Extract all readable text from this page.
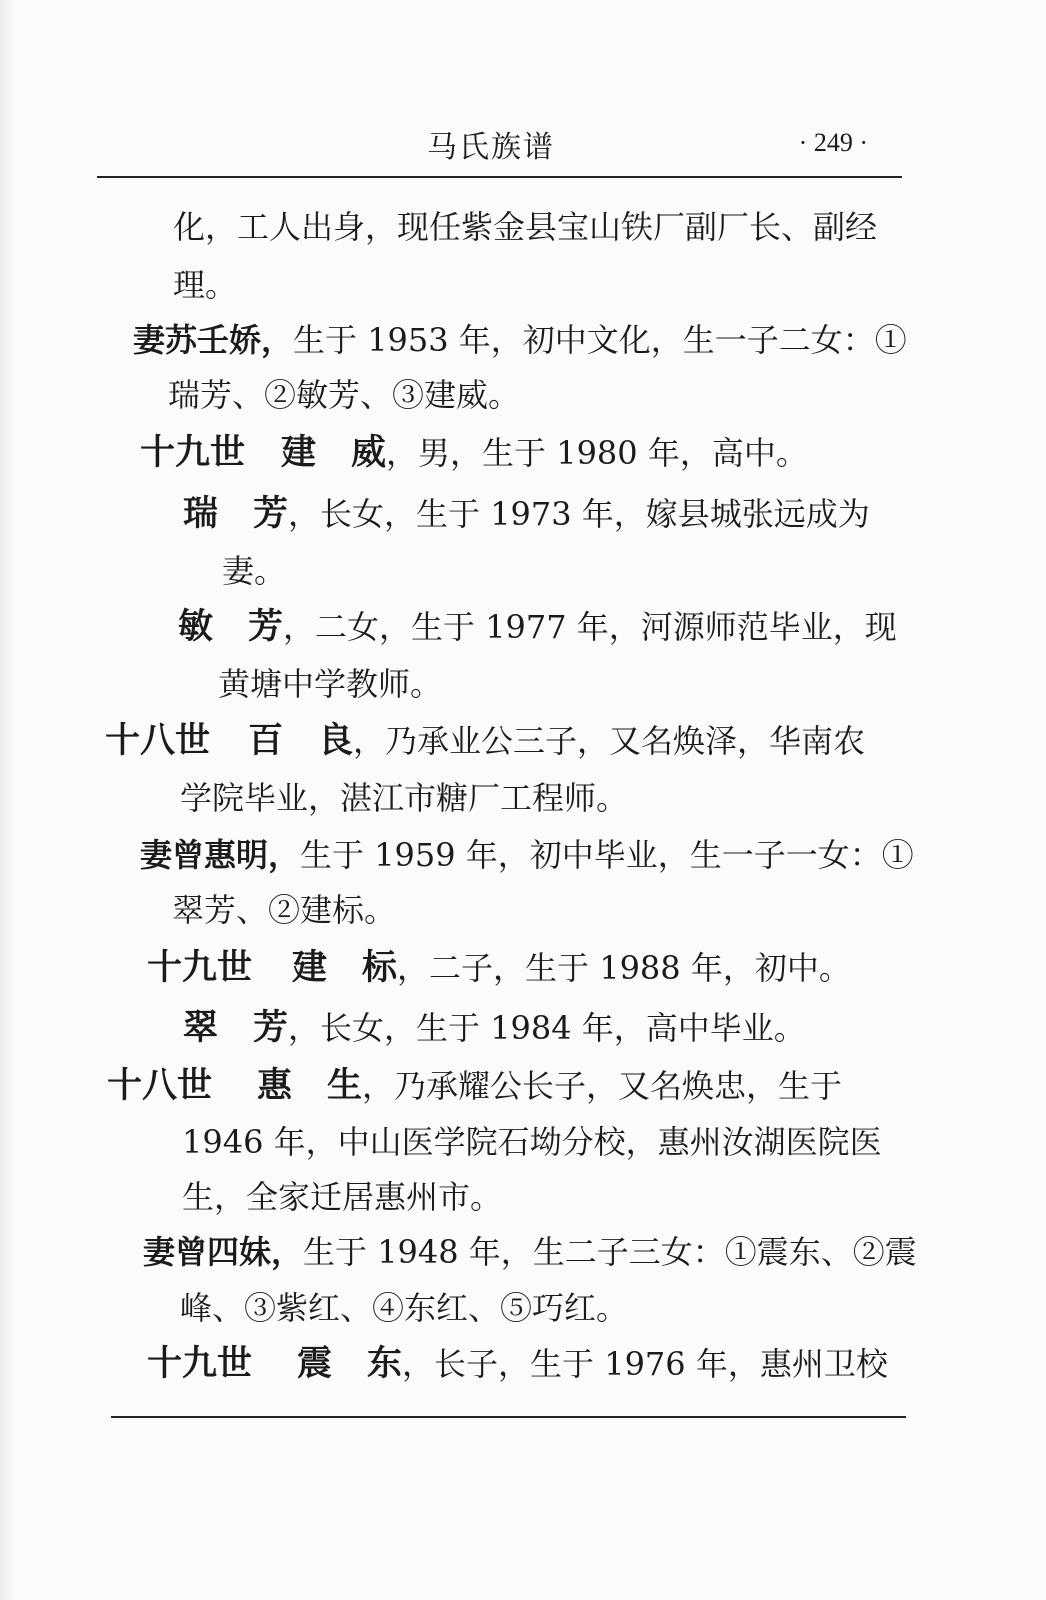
马氏族谱	· 249 ·
化，工人出身，现任紫金县宝山铁厂副厂长、副经
理。
妻苏壬娇，生于 1953 年，初中文化，生一子二女：①
瑞芳、②敏芳、③建威。
十九世 建　威，男，生于 1980 年，高中。
瑞　芳，长女，生于 1973 年，嫁县城张远成为
妻。
敏　芳，二女，生于 1977 年，河源师范毕业，现
黄塘中学教师。
十八世 百　良，乃承业公三子，又名焕泽，华南农
学院毕业，湛江市糖厂工程师。
妻曾惠明，生于 1959 年，初中毕业，生一子一女：①
翠芳、②建标。
十九世 建　标，二子，生于 1988 年，初中。
翠　芳，长女，生于 1984 年，高中毕业。
十八世 惠　生，乃承耀公长子，又名焕忠，生于
1946 年，中山医学院石坳分校，惠州汝湖医院医
生，全家迁居惠州市。
妻曾四妹，生于 1948 年，生二子三女：①震东、②震
峰、③紫红、④东红、⑤巧红。
十九世 震　东，长子，生于 1976 年，惠州卫校
